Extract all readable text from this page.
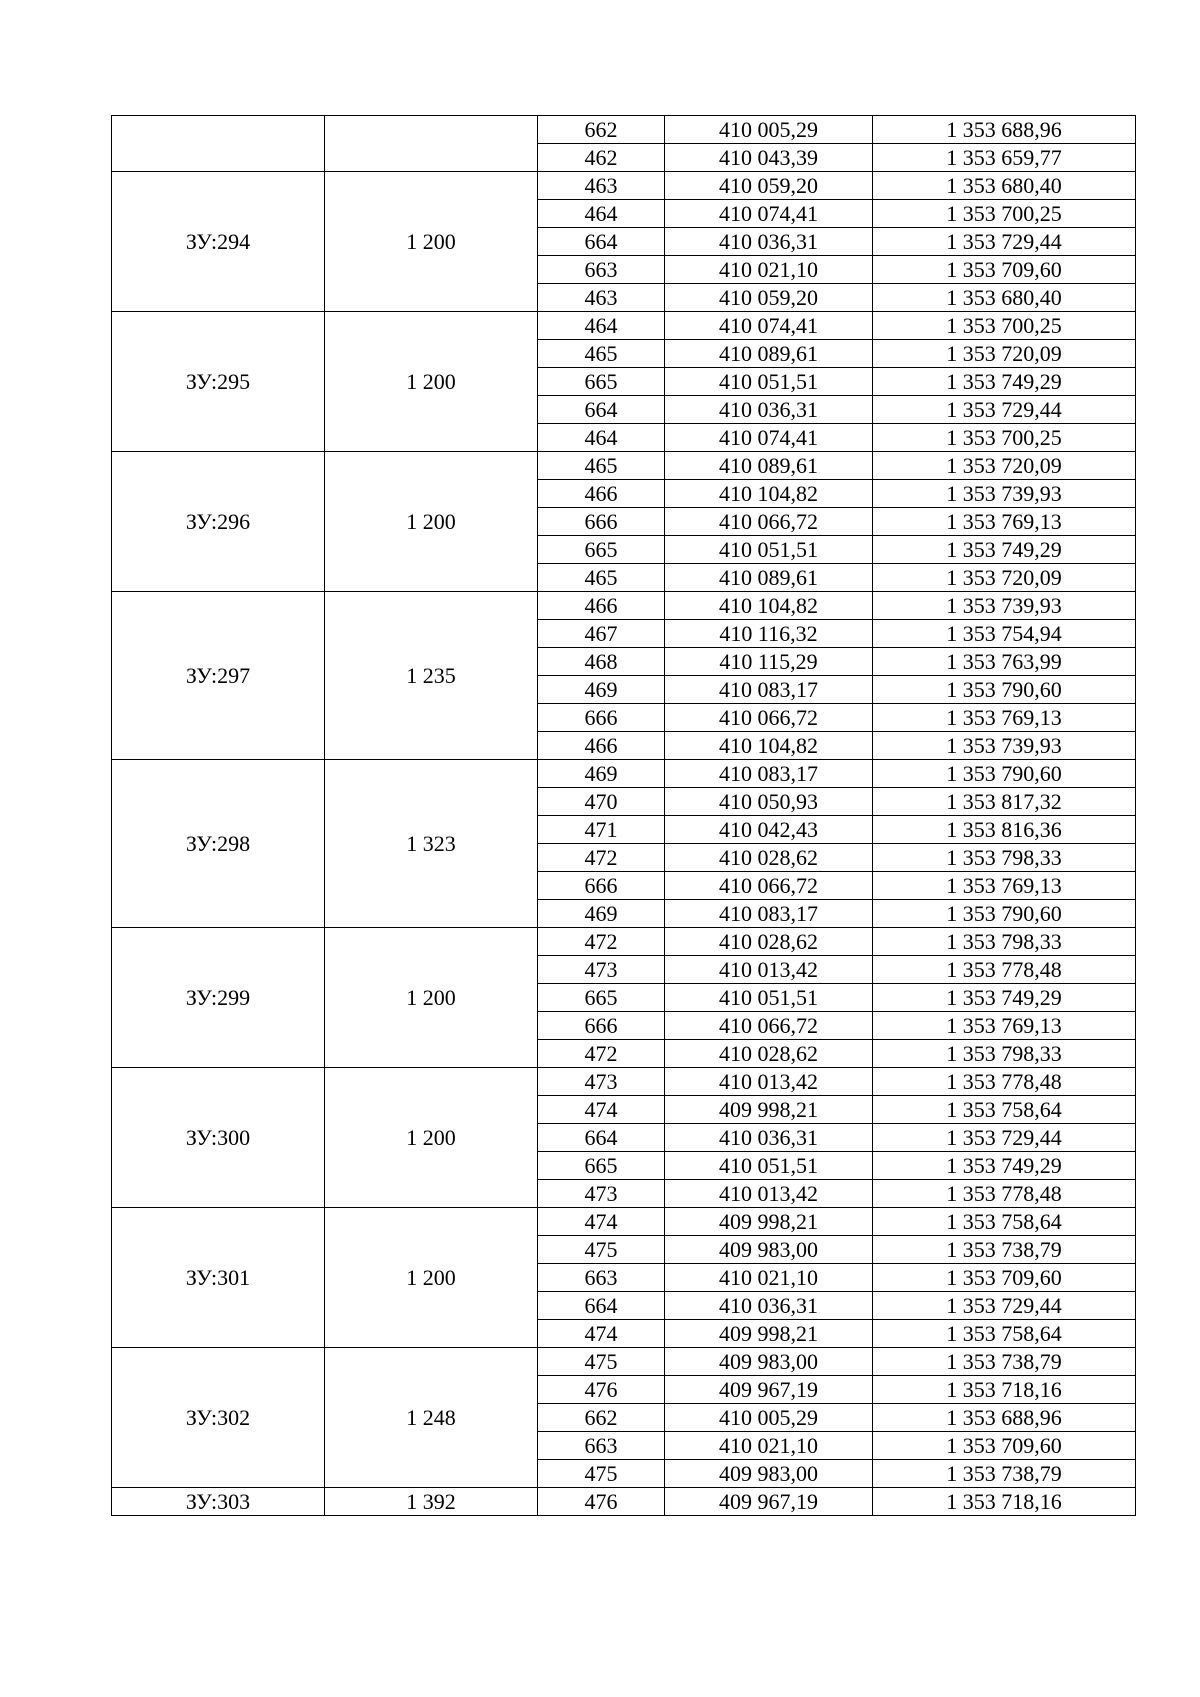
		662	410 005,29	1 353 688,96
		462	410 043,39	1 353 659,77
ЗУ:294	1 200	463	410 059,20	1 353 680,40
		464	410 074,41	1 353 700,25
		664	410 036,31	1 353 729,44
		663	410 021,10	1 353 709,60
		463	410 059,20	1 353 680,40
ЗУ:295	1 200	464	410 074,41	1 353 700,25
		465	410 089,61	1 353 720,09
		665	410 051,51	1 353 749,29
		664	410 036,31	1 353 729,44
		464	410 074,41	1 353 700,25
ЗУ:296	1 200	465	410 089,61	1 353 720,09
		466	410 104,82	1 353 739,93
		666	410 066,72	1 353 769,13
		665	410 051,51	1 353 749,29
		465	410 089,61	1 353 720,09
ЗУ:297	1 235	466	410 104,82	1 353 739,93
		467	410 116,32	1 353 754,94
		468	410 115,29	1 353 763,99
		469	410 083,17	1 353 790,60
		666	410 066,72	1 353 769,13
		466	410 104,82	1 353 739,93
ЗУ:298	1 323	469	410 083,17	1 353 790,60
		470	410 050,93	1 353 817,32
		471	410 042,43	1 353 816,36
		472	410 028,62	1 353 798,33
		666	410 066,72	1 353 769,13
		469	410 083,17	1 353 790,60
ЗУ:299	1 200	472	410 028,62	1 353 798,33
		473	410 013,42	1 353 778,48
		665	410 051,51	1 353 749,29
		666	410 066,72	1 353 769,13
		472	410 028,62	1 353 798,33
ЗУ:300	1 200	473	410 013,42	1 353 778,48
		474	409 998,21	1 353 758,64
		664	410 036,31	1 353 729,44
		665	410 051,51	1 353 749,29
		473	410 013,42	1 353 778,48
ЗУ:301	1 200	474	409 998,21	1 353 758,64
		475	409 983,00	1 353 738,79
		663	410 021,10	1 353 709,60
		664	410 036,31	1 353 729,44
		474	409 998,21	1 353 758,64
ЗУ:302	1 248	475	409 983,00	1 353 738,79
		476	409 967,19	1 353 718,16
		662	410 005,29	1 353 688,96
		663	410 021,10	1 353 709,60
		475	409 983,00	1 353 738,79
ЗУ:303	1 392	476	409 967,19	1 353 718,16
